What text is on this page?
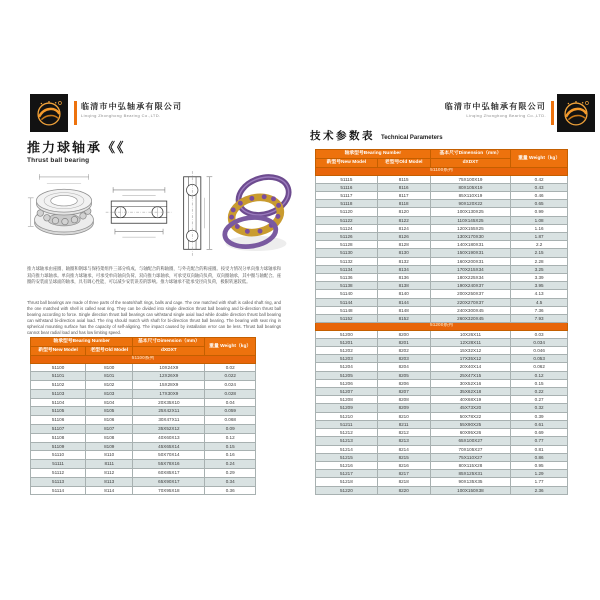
临清市中弘轴承有限公司
Linqing Zhonghong Bearing Co.,LTD.
推力球轴承《《
Thrust ball bearing

推力球轴承由座圈、轴圈和钢球与保持架组件三部分构成。与轴配合的称轴圈，与外壳配合的称座圈。按受力情况分单向推力球轴承和双向推力球轴承。单向推力球轴承，可承受单向轴向负荷。双向推力球轴承，可承受双向轴向负荷，双向圈轴承，其中圈与轴配合。座圈的安装面呈球面的轴承，具有调心性能，可以减少安装误差的影响。推力球轴承不能承受径向负荷，极限转速较低。

Thrust ball bearings are made of three parts of the seats/shaft rings, balls and cage. The one matched with shaft is called shaft ring, and the one matched with shell is called seat ring. They can be divided into single direction thrust ball bearing and bi-direction thrust ball bearing according to force. Single direction thrust ball bearings can withstand single axial load while double direction thrust ball bearing can withstand bi-direction axial load. The ring should match with shaft for bi-direction thrust ball bearing. The bearing with seat ring in spherical mounting surface has the capacity of self-aligning. The impact caused by installation error can be less. Thrust ball bearings cannot bear radial load and has low limiting speed.

轴承型号Bearing Number		基本尺寸Dimension（mm）	重量 Weight（kg）
新型号New Model	老型号Old Model	dXDXT	
51100系列			
51100	8100	10X24X9	0.02
51101	8101	12X26X9	0.022
51102	8102	15X28X9	0.024
51103	8103	17X30X9	0.028
51104	8104	20X35X10	0.04
51105	8105	25X42X11	0.059
51106	8106	30X47X11	0.068
51107	8107	35X52X12	0.09
51108	8108	40X60X13	0.12
51109	8109	45X65X14	0.15
51110	8110	50X70X14	0.16
51111	8111	55X78X16	0.24
51112	8112	60X85X17	0.29
51113	8113	65X90X17	0.34
51114	8114	70X95X18	0.36
临清市中弘轴承有限公司
Linqing Zhonghong Bearing Co.,LTD.
技术参数表 Technical Parameters
轴承型号Bearing Number		基本尺寸Dimension（mm）	重量 Weight（kg）
新型号New Model	老型号Old Model	dXDXT	
51100系列			
51115	8115	75X100X19	0.42
51116	8116	80X105X19	0.43
51117	8117	85X110X19	0.46
51118	8118	90X120X22	0.65
51120	8120	100X130X25	0.99
51122	8122	110X145X25	1.08
51124	8124	120X155X25	1.16
51126	8126	130X170X30	1.87
51128	8128	140X180X31	2.2
51130	8130	150X190X31	2.15
51132	8132	160X200X31	2.28
51134	8134	170X215X34	3.25
51136	8136	180X225X34	3.39
51138	8138	190X240X37	3.95
51140	8140	200X250X37	4.13
51144	8144	220X270X37	4.5
51148	8148	240X300X45	7.36
51152	8152	260X320X45	7.93
51200系列			
51200	8200	10X26X11	0.03
51201	8201	12X28X11	0.034
51202	8202	15X32X12	0.046
51203	8203	17X35X12	0.053
51204	8204	20X40X14	0.062
51205	8205	25X47X15	0.12
51206	8206	30X52X16	0.15
51207	8207	35X62X18	0.22
51208	8208	40X68X19	0.27
51209	8209	45X73X20	0.32
51210	8210	50X78X22	0.39
51211	8211	55X90X25	0.61
51212	8212	60X95X26	0.69
51213	8213	65X100X27	0.77
51214	8214	70X105X27	0.81
51215	8215	75X110X27	0.86
51216	8216	80X115X28	0.95
51217	8217	85X125X31	1.29
51218	8218	90X135X35	1.77
51220	8220	100X150X38	2.36
